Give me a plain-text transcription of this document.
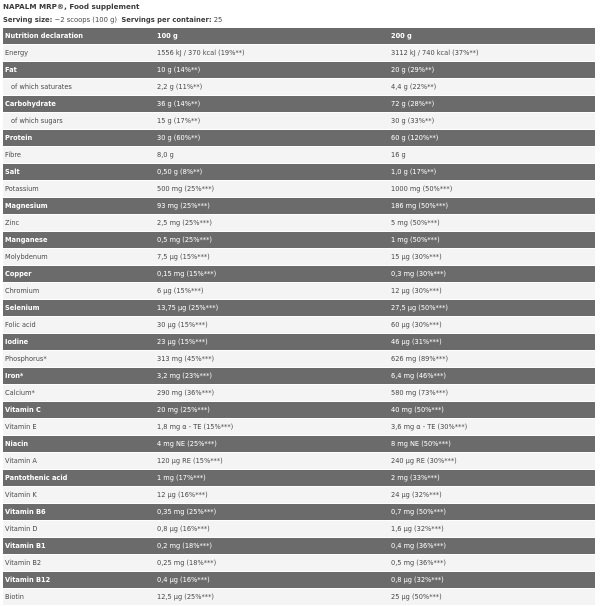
NAPALM MRP®, Food supplement
Serving size: ~2 scoops (100 g) Servings per container: 25
Nutrition declaration	100 g	200 g
Energy	1556 kJ / 370 kcal (19%**)	3112 kJ / 740 kcal (37%**)
Fat	10 g (14%**)	20 g (29%**)
of which saturates	2,2 g (11%**)	4,4 g (22%**)
Carbohydrate	36 g (14%**)	72 g (28%**)
of which sugars	15 g (17%**)	30 g (33%**)
Protein	30 g (60%**)	60 g (120%**)
Fibre	8,0 g	16 g
Salt	0,50 g (8%**)	1,0 g (17%**)
Potassium	500 mg (25%***)	1000 mg (50%***)
Magnesium	93 mg (25%***)	186 mg (50%***)
Zinc	2,5 mg (25%***)	5 mg (50%***)
Manganese	0,5 mg (25%***)	1 mg (50%***)
Molybdenum	7,5 µg (15%***)	15 µg (30%***)
Copper	0,15 mg (15%***)	0,3 mg (30%***)
Chromium	6 µg (15%***)	12 µg (30%***)
Selenium	13,75 µg (25%***)	27,5 µg (50%***)
Folic acid	30 µg (15%***)	60 µg (30%***)
Iodine	23 µg (15%***)	46 µg (31%***)
Phosphorus*	313 mg (45%***)	626 mg (89%***)
Iron*	3,2 mg (23%***)	6,4 mg (46%***)
Calcium*	290 mg (36%***)	580 mg (73%***)
Vitamin C	20 mg (25%***)	40 mg (50%***)
Vitamin E	1,8 mg α - TE (15%***)	3,6 mg α - TE (30%***)
Niacin	4 mg NE (25%***)	8 mg NE (50%***)
Vitamin A	120 µg RE (15%***)	240 µg RE (30%***)
Pantothenic acid	1 mg (17%***)	2 mg (33%***)
Vitamin K	12 µg (16%***)	24 µg (32%***)
Vitamin B6	0,35 mg (25%***)	0,7 mg (50%***)
Vitamin D	0,8 µg (16%***)	1,6 µg (32%***)
Vitamin B1	0,2 mg (18%***)	0,4 mg (36%***)
Vitamin B2	0,25 mg (18%***)	0,5 mg (36%***)
Vitamin B12	0,4 µg (16%***)	0,8 µg (32%***)
Biotin	12,5 µg (25%***)	25 µg (50%***)
